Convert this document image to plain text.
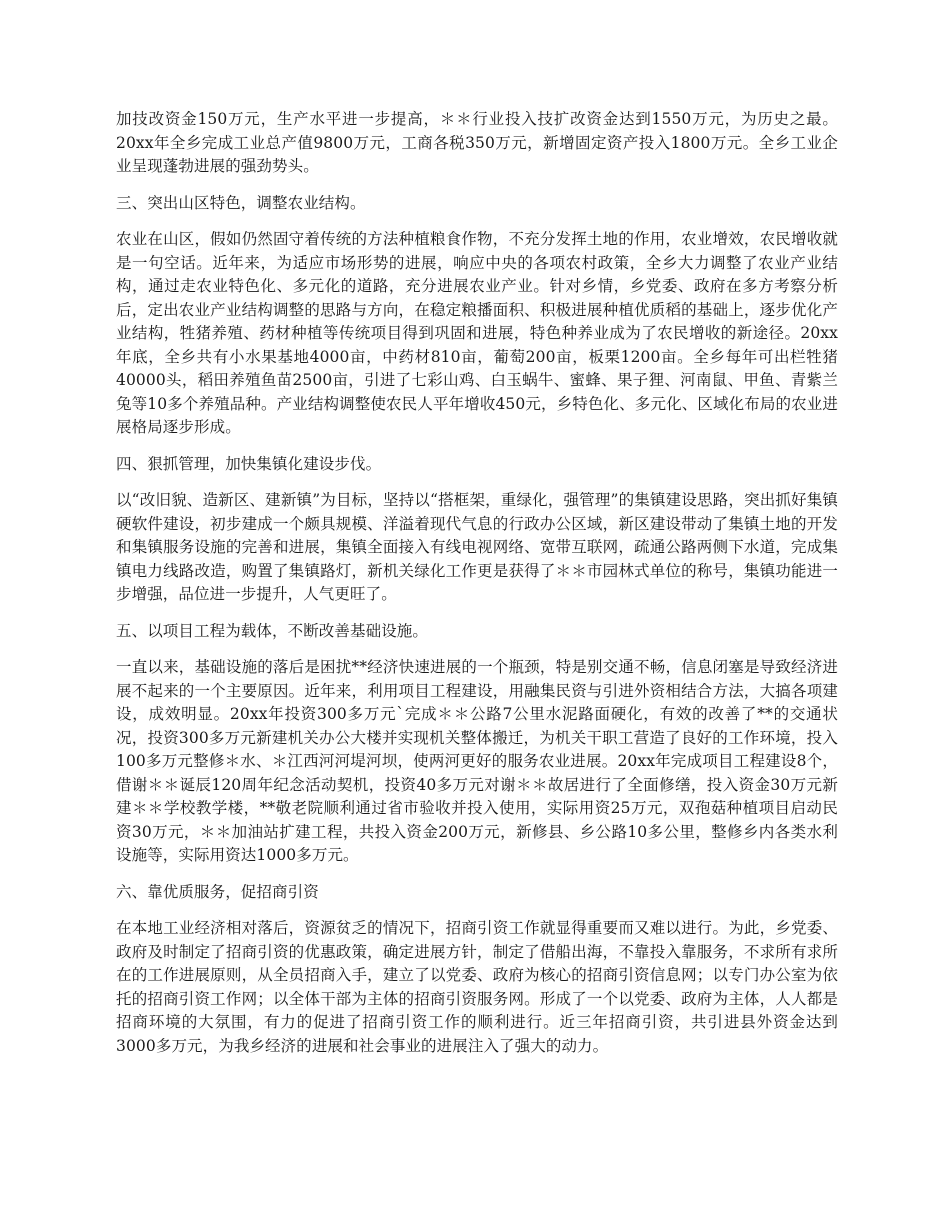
加技改资金150万元，生产水平进一步提高，＊＊行业投入技扩改资金达到1550万元，为历史之最。20xx年全乡完成工业总产值9800万元，工商各税350万元，新增固定资产投入1800万元。全乡工业企业呈现蓬勃进展的强劲势头。

三、突出山区特色，调整农业结构。

农业在山区，假如仍然固守着传统的方法种植粮食作物，不充分发挥土地的作用，农业增效，农民增收就是一句空话。近年来，为适应市场形势的进展，响应中央的各项农村政策，全乡大力调整了农业产业结构，通过走农业特色化、多元化的道路，充分进展农业产业。针对乡情，乡党委、政府在多方考察分析后，定出农业产业结构调整的思路与方向，在稳定粮播面积、积极进展种植优质稻的基础上，逐步优化产业结构，牲猪养殖、药材种植等传统项目得到巩固和进展，特色种养业成为了农民增收的新途径。20xx年底，全乡共有小水果基地4000亩，中药材810亩，葡萄200亩，板栗1200亩。全乡每年可出栏牲猪40000头，稻田养殖鱼苗2500亩，引进了七彩山鸡、白玉蜗牛、蜜蜂、果子狸、河南鼠、甲鱼、青紫兰兔等10多个养殖品种。产业结构调整使农民人平年增收450元，乡特色化、多元化、区域化布局的农业进展格局逐步形成。

四、狠抓管理，加快集镇化建设步伐。

以“改旧貌、造新区、建新镇”为目标，坚持以“搭框架，重绿化，强管理”的集镇建设思路，突出抓好集镇硬软件建设，初步建成一个颇具规模、洋溢着现代气息的行政办公区域，新区建设带动了集镇土地的开发和集镇服务设施的完善和进展，集镇全面接入有线电视网络、宽带互联网，疏通公路两侧下水道，完成集镇电力线路改造，购置了集镇路灯，新机关绿化工作更是获得了＊＊市园林式单位的称号，集镇功能进一步增强，品位进一步提升，人气更旺了。

五、以项目工程为载体，不断改善基础设施。

一直以来，基础设施的落后是困扰**经济快速进展的一个瓶颈，特是别交通不畅，信息闭塞是导致经济进展不起来的一个主要原因。近年来，利用项目工程建设，用融集民资与引进外资相结合方法，大搞各项建设，成效明显。20xx年投资300多万元`完成＊＊公路7公里水泥路面硬化，有效的改善了**的交通状况，投资300多万元新建机关办公大楼并实现机关整体搬迁，为机关干职工营造了良好的工作环境，投入100多万元整修＊水、＊江西河河堤河坝，使两河更好的服务农业进展。20xx年完成项目工程建设8个，借谢＊＊诞辰120周年纪念活动契机，投资40多万元对谢＊＊故居进行了全面修缮，投入资金30万元新建＊＊学校教学楼，**敬老院顺利通过省市验收并投入使用，实际用资25万元，双孢菇种植项目启动民资30万元，＊＊加油站扩建工程，共投入资金200万元，新修县、乡公路10多公里，整修乡内各类水利设施等，实际用资达1000多万元。

六、靠优质服务，促招商引资

在本地工业经济相对落后，资源贫乏的情况下，招商引资工作就显得重要而又难以进行。为此，乡党委、政府及时制定了招商引资的优惠政策，确定进展方针，制定了借船出海，不靠投入靠服务，不求所有求所在的工作进展原则，从全员招商入手，建立了以党委、政府为核心的招商引资信息网；以专门办公室为依托的招商引资工作网；以全体干部为主体的招商引资服务网。形成了一个以党委、政府为主体，人人都是招商环境的大氛围，有力的促进了招商引资工作的顺利进行。近三年招商引资，共引进县外资金达到3000多万元，为我乡经济的进展和社会事业的进展注入了强大的动力。
